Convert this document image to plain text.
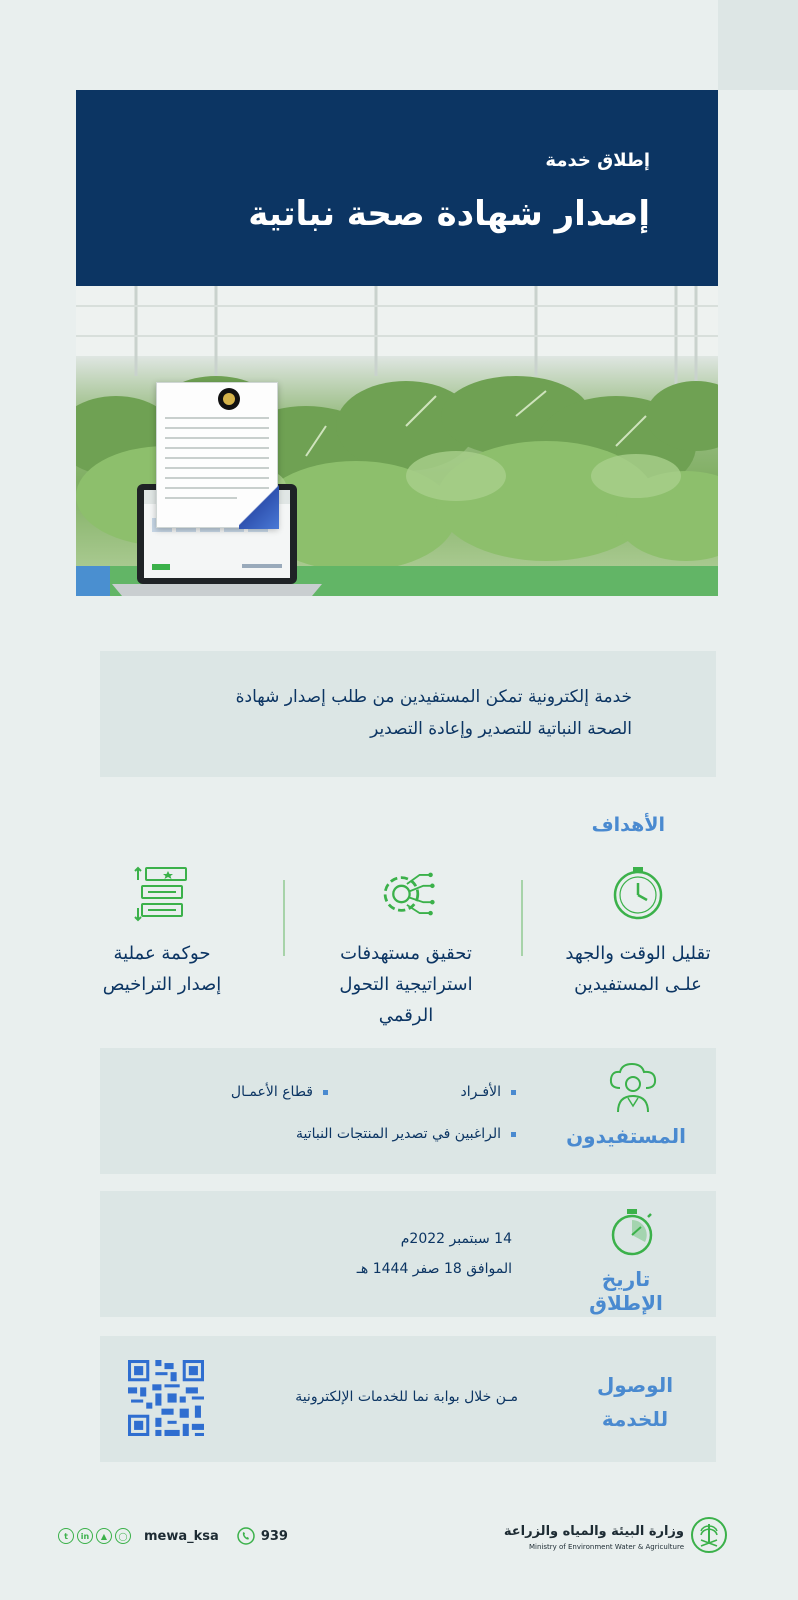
إطلاق خدمة
إصدار شهادة صحة نباتية
خدمة إلكترونية تمكن المستفيدين من طلب إصدار شهادة
الصحة النباتية للتصدير وإعادة التصدير
الأهداف
تقليل الوقت والجهد
علـى المستفيدين
تحقيق مستهدفات
استراتيجية التحول
الرقمي
حوكمة عملية
إصدار التراخيص
المستفيدون
الأفـراد
قطاع الأعمـال
الراغبين في تصدير المنتجات النباتية
تاريخ الإطلاق
14 سبتمبر 2022م
الموافق 18 صفر 1444 هـ
الوصول
للخدمة
مـن خلال بوابة نما للخدمات الإلكترونية
وزارة البيئة والمياه والزراعة
Ministry of Environment Water & Agriculture
t	in	▲	◯ mewa_ksa	939
